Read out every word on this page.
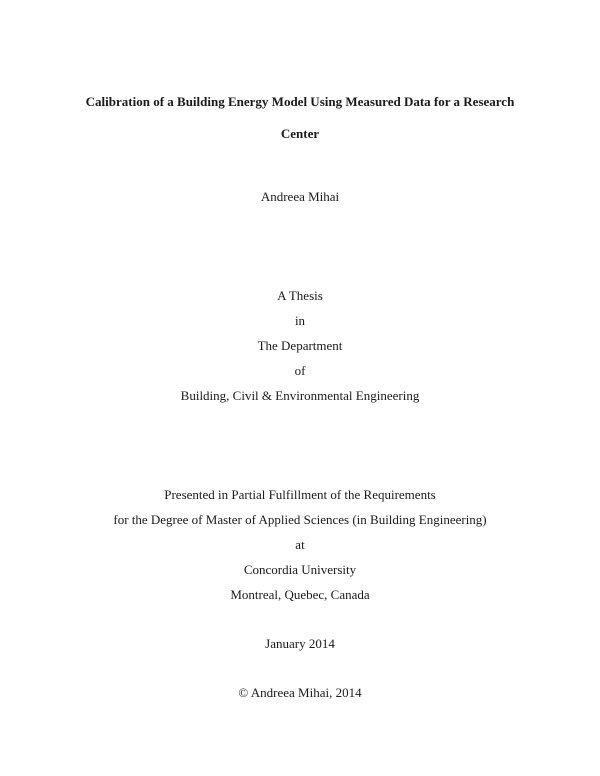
Calibration of a Building Energy Model Using Measured Data for a Research
Center
Andreea Mihai
A Thesis
in
The Department
of
Building, Civil & Environmental Engineering
Presented in Partial Fulfillment of the Requirements
for the Degree of Master of Applied Sciences (in Building Engineering)
at
Concordia University
Montreal, Quebec, Canada
January 2014
© Andreea Mihai, 2014
